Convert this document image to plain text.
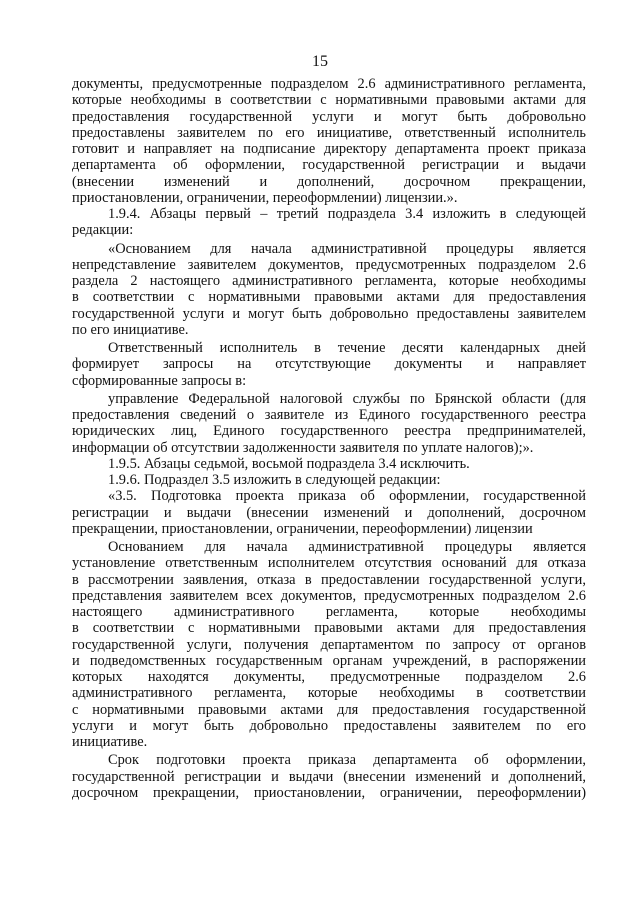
15
документы, предусмотренные подразделом 2.6 административного регламента,
которые необходимы в соответствии с нормативными правовыми актами для
предоставления государственной услуги и могут быть добровольно
предоставлены заявителем по его инициативе, ответственный исполнитель
готовит и направляет на подписание директору департамента проект приказа
департамента об оформлении, государственной регистрации и выдачи
(внесении изменений и дополнений, досрочном прекращении,
приостановлении, ограничении, переоформлении) лицензии.».
1.9.4. Абзацы первый – третий подраздела 3.4 изложить в следующей
редакции:
«Основанием для начала административной процедуры является
непредставление заявителем документов, предусмотренных подразделом 2.6
раздела 2 настоящего административного регламента, которые необходимы
в соответствии с нормативными правовыми актами для предоставления
государственной услуги и могут быть добровольно предоставлены заявителем
по его инициативе.
Ответственный исполнитель в течение десяти календарных дней
формирует запросы на отсутствующие документы и направляет
сформированные запросы в:
управление Федеральной налоговой службы по Брянской области (для
предоставления сведений о заявителе из Единого государственного реестра
юридических лиц, Единого государственного реестра предпринимателей,
информации об отсутствии задолженности заявителя по уплате налогов);».
1.9.5. Абзацы седьмой, восьмой подраздела 3.4 исключить.
1.9.6. Подраздел 3.5 изложить в следующей редакции:
«3.5. Подготовка проекта приказа об оформлении, государственной
регистрации и выдачи (внесении изменений и дополнений, досрочном
прекращении, приостановлении, ограничении, переоформлении) лицензии
Основанием для начала административной процедуры является
установление ответственным исполнителем отсутствия оснований для отказа
в рассмотрении заявления, отказа в предоставлении государственной услуги,
представления заявителем всех документов, предусмотренных подразделом 2.6
настоящего административного регламента, которые необходимы
в соответствии с нормативными правовыми актами для предоставления
государственной услуги, получения департаментом по запросу от органов
и подведомственных государственным органам учреждений, в распоряжении
которых находятся документы, предусмотренные подразделом 2.6
административного регламента, которые необходимы в соответствии
с нормативными правовыми актами для предоставления государственной
услуги и могут быть добровольно предоставлены заявителем по его
инициативе.
Срок подготовки проекта приказа департамента об оформлении,
государственной регистрации и выдачи (внесении изменений и дополнений,
досрочном прекращении, приостановлении, ограничении, переоформлении)
